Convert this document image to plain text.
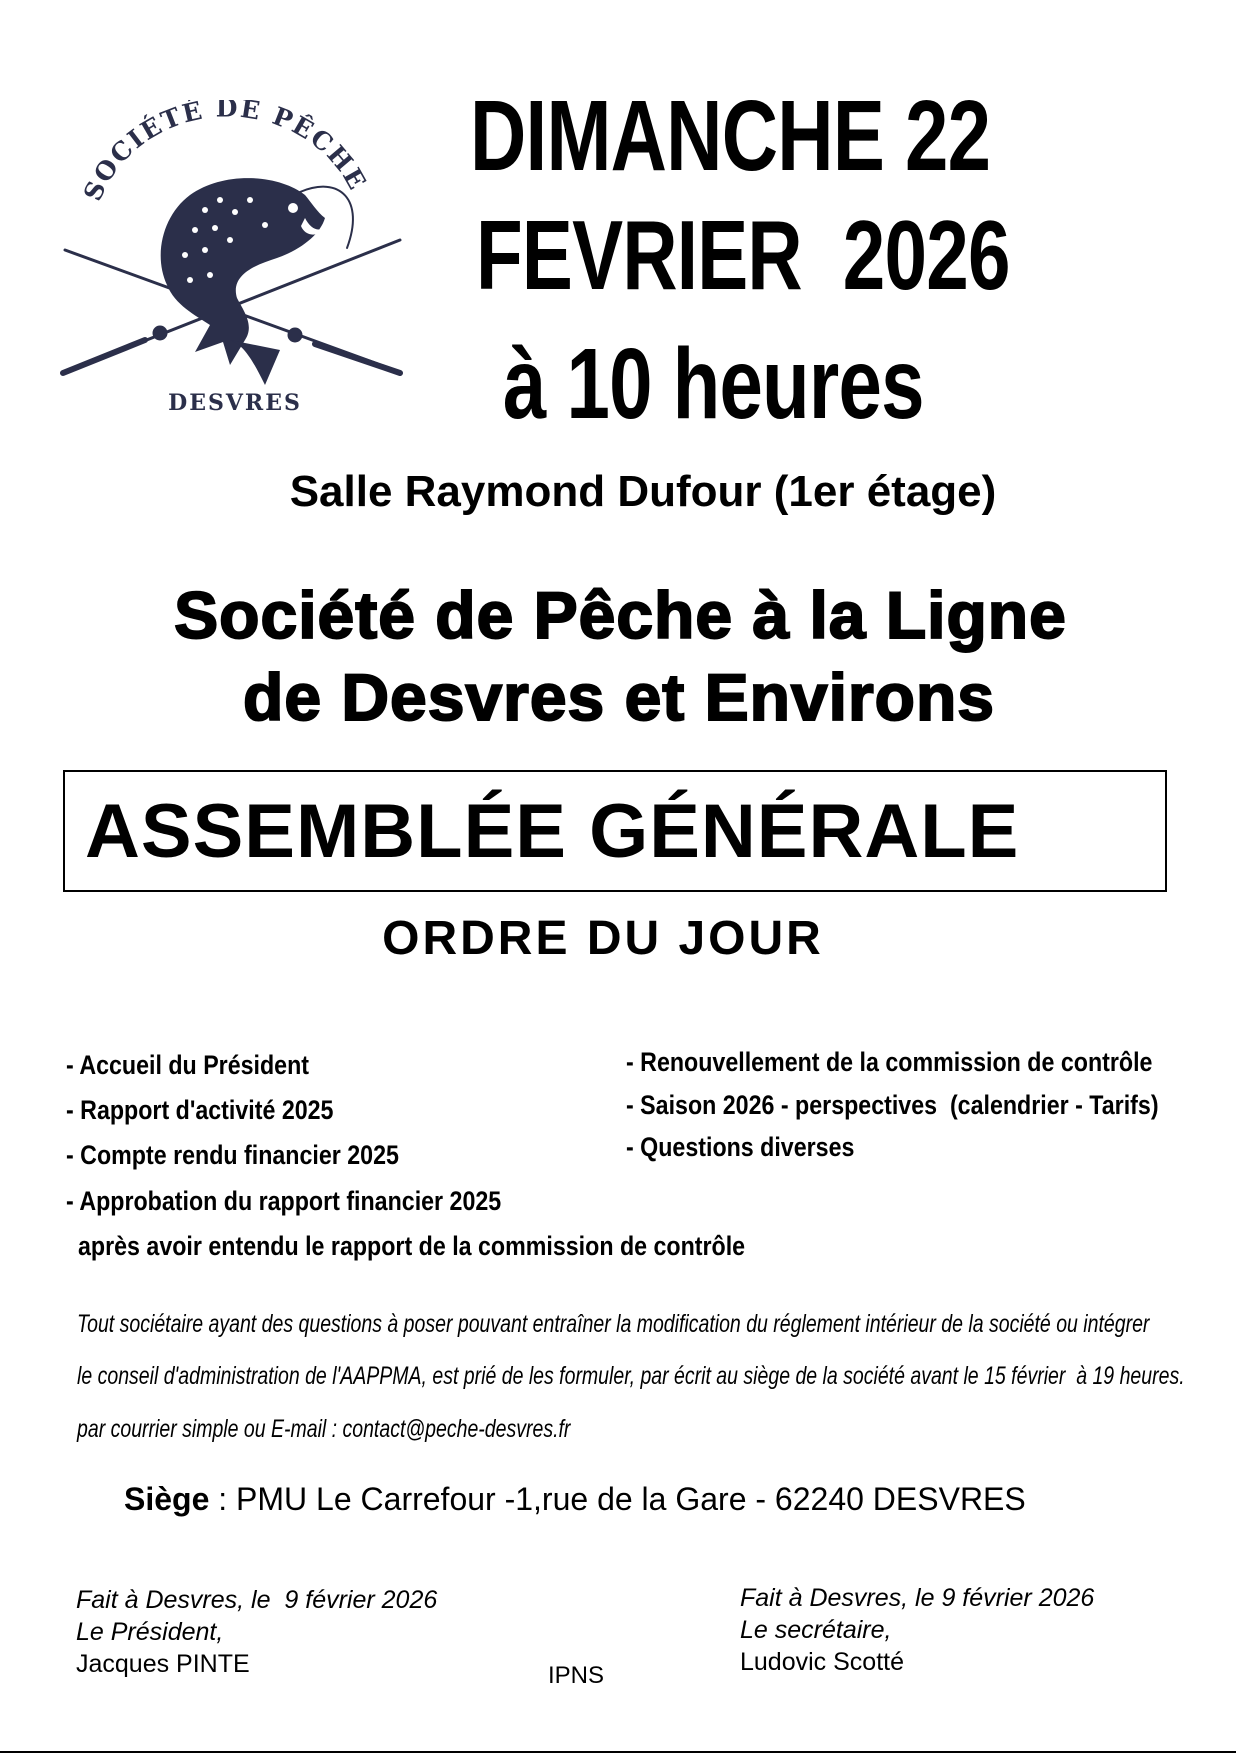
SOCIÉTÉ DE PÊCHE
DESVRES
DIMANCHE 22
FEVRIER  2026
à 10 heures
Salle Raymond Dufour (1er étage)
Société de Pêche à la Ligne
de Desvres et Environs
ASSEMBLÉE GÉNÉRALE
ORDRE DU JOUR
- Accueil du Président
- Rapport d'activité 2025
- Compte rendu financier 2025
- Approbation du rapport financier 2025
après avoir entendu le rapport de la commission de contrôle
- Renouvellement de la commission de contrôle
- Saison 2026 - perspectives  (calendrier - Tarifs)
- Questions diverses
Tout sociétaire ayant des questions à poser pouvant entraîner la modification du réglement intérieur de la société ou intégrer
le conseil d'administration de l'AAPPMA, est prié de les formuler, par écrit au siège de la société avant le 15 février  à 19 heures.
par courrier simple ou E-mail : contact@peche-desvres.fr
Siège : PMU Le Carrefour -1,rue de la Gare - 62240 DESVRES
Fait à Desvres, le  9 février 2026
Le Président,
Jacques PINTE
Fait à Desvres, le 9 février 2026
Le secrétaire,
Ludovic Scotté
IPNS
